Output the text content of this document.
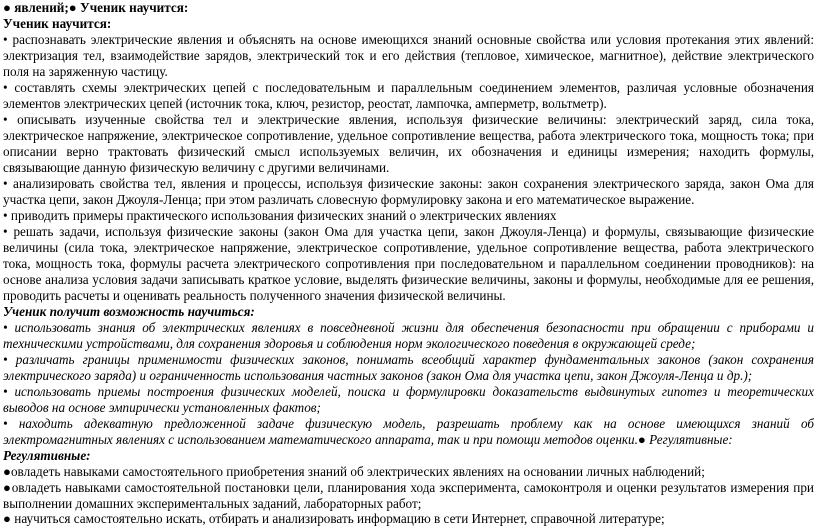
● явлений;● Ученик научится:
Ученик научится:
• распознавать электрические явления и объяснять на основе имеющихся знаний основные свойства или условия протекания этих явлений:
электризация тел, взаимодействие зарядов, электрический ток и его действия (тепловое, химическое, магнитное), действие электрического
поля на заряженную частицу.
• составлять схемы электрических цепей с последовательным и параллельным соединением элементов, различая условные обозначения
элементов электрических цепей (источник тока, ключ, резистор, реостат, лампочка, амперметр, вольтметр).
• описывать изученные свойства тел и электрические явления, используя физические величины: электрический заряд, сила тока,
электрическое напряжение, электрическое сопротивление, удельное сопротивление вещества, работа электрического тока, мощность тока; при
описании верно трактовать физический смысл используемых величин, их обозначения и единицы измерения; находить формулы,
связывающие данную физическую величину с другими величинами.
• анализировать свойства тел, явления и процессы, используя физические законы: закон сохранения электрического заряда, закон Ома для
участка цепи, закон Джоуля-Ленца; при этом различать словесную формулировку закона и его математическое выражение.
• приводить примеры практического использования физических знаний о электрических явлениях
• решать задачи, используя физические законы (закон Ома для участка цепи, закон Джоуля-Ленца) и формулы, связывающие физические
величины (сила тока, электрическое напряжение, электрическое сопротивление, удельное сопротивление вещества, работа электрического
тока, мощность тока, формулы расчета электрического сопротивления при последовательном и параллельном соединении проводников): на
основе анализа условия задачи записывать краткое условие, выделять физические величины, законы и формулы, необходимые для ее решения,
проводить расчеты и оценивать реальность полученного значения физической величины.
Ученик получит возможность научиться:
• использовать знания об электрических явлениях в повседневной жизни для обеспечения безопасности при обращении с приборами и
техническими устройствами, для сохранения здоровья и соблюдения норм экологического поведения в окружающей среде;
• различать границы применимости физических законов, понимать всеобщий характер фундаментальных законов (закон сохранения
электрического заряда) и ограниченность использования частных законов (закон Ома для участка цепи, закон Джоуля-Ленца и др.);
• использовать приемы построения физических моделей, поиска и формулировки доказательств выдвинутых гипотез и теоретических
выводов на основе эмпирически установленных фактов;
• находить адекватную предложенной задаче физическую модель, разрешать проблему как на основе имеющихся знаний об
электромагнитных явлениях с использованием математического аппарата, так и при помощи методов оценки.● Регулятивные:
Регулятивные:
●овладеть навыками самостоятельного приобретения знаний об электрических явлениях на основании личных наблюдений;
●овладеть навыками самостоятельной постановки цели, планирования хода эксперимента, самоконтроля и оценки результатов измерения при
выполнении домашних экспериментальных заданий, лабораторных работ;
● научиться самостоятельно искать, отбирать и анализировать информацию в сети Интернет, справочной литературе;
